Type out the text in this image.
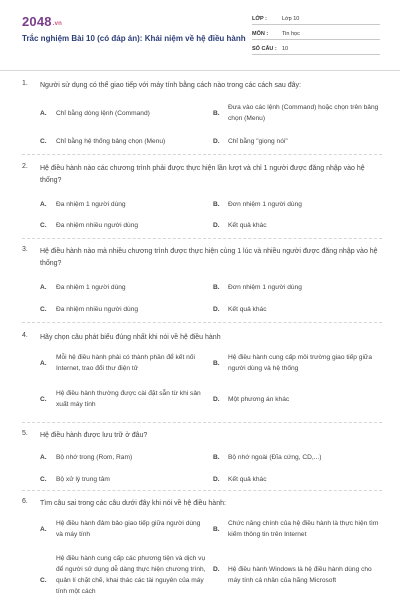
2048.vn
Trắc nghiệm Bài 10 (có đáp án): Khái niệm về hệ điều hành
LỚP :	Lớp 10
MÔN :	Tin học
SỐ CÂU : 10
1. Người sử dụng có thể giao tiếp với máy tính bằng cách nào trong các cách sau đây:
A. Chỉ bằng dòng lệnh (Command)	B.
Đưa vào các lệnh (Command) hoặc chọn trên bảng chọn (Menu)
C. Chỉ bằng hệ thống bảng chọn (Menu)	D. Chỉ bằng "giọng nói"
2. Hệ điều hành nào các chương trình phải được thực hiện lần lượt và chỉ 1 người được đăng nhập vào hệ thống?
A. Đa nhiệm 1 người dùng	B. Đơn nhiệm 1 người dùng
C. Đa nhiệm nhiều người dùng	D. Kết quả khác
3. Hệ điều hành nào mà nhiều chương trình được thực hiện cùng 1 lúc và nhiều người được đăng nhập vào hệ thống?
A. Đa nhiệm 1 người dùng	B. Đơn nhiệm 1 người dùng
C. Đa nhiệm nhiều người dùng	D. Kết quả khác
4. Hãy chọn câu phát biểu đúng nhất khi nói về hệ điều hành
A.
Mỗi hệ điều hành phải có thành phần để kết nối Internet, trao đổi thư điện tử
B.
Hệ điều hành cung cấp môi trường giao tiếp giữa người dùng và hệ thống
C.
Hệ điều hành thường được cài đặt sẵn từ khi sản xuất máy tính
D. Một phương án khác
5. Hệ điều hành được lưu trữ ở đâu?
A. Bộ nhớ trong (Rom, Ram)	B. Bộ nhớ ngoài (Đĩa cứng, CD,...)
C. Bộ xử lý trung tâm	D. Kết quả khác
6. Tìm câu sai trong các câu dưới đây khi nói về hệ điều hành:
A.
Hệ điều hành đảm bảo giao tiếp giữa người dùng và máy tính
B.
Chức năng chính của hệ điều hành là thực hiện tìm kiếm thông tin trên Internet
C.
Hệ điều hành cung cấp các phương tiện và dịch vụ để người sử dụng dễ dàng thực hiện chương trình, quản lí chặt chẽ, khai thác các tài nguyên của máy tính một cách
D. Hệ điều hành Windows là hệ điều hành dùng cho máy tính cá nhân của hãng Microsoft
